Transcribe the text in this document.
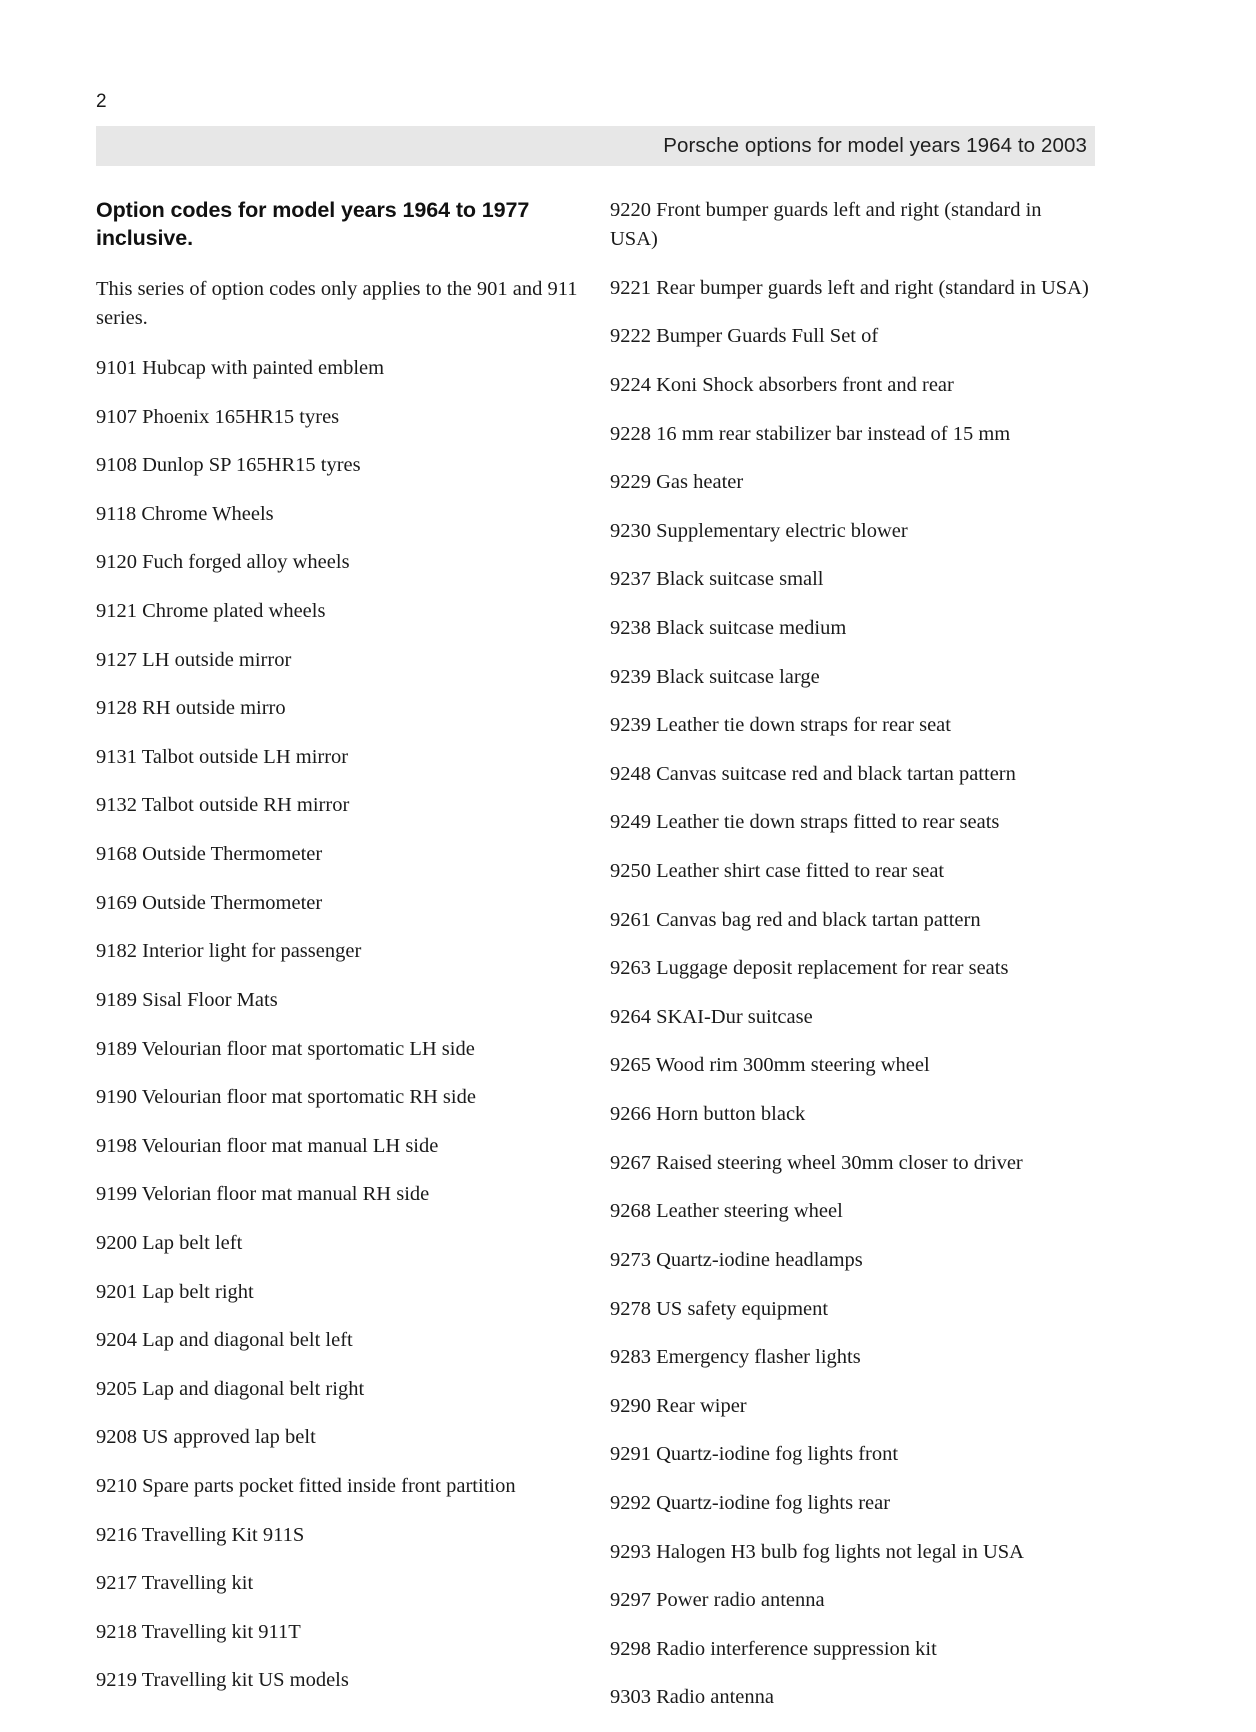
2
Porsche options for model years 1964 to 2003
Option codes for model years 1964 to 1977 inclusive.

This series of option codes only applies to the 901 and 911 series.

9101 Hubcap with painted emblem

9107 Phoenix 165HR15 tyres

9108 Dunlop SP 165HR15 tyres

9118 Chrome Wheels

9120 Fuch forged alloy wheels

9121 Chrome plated wheels

9127 LH outside mirror

9128 RH outside mirro

9131 Talbot outside LH mirror

9132 Talbot outside RH mirror

9168 Outside Thermometer

9169 Outside Thermometer

9182 Interior light for passenger

9189 Sisal Floor Mats

9189 Velourian floor mat sportomatic LH side

9190 Velourian floor mat sportomatic RH side

9198 Velourian floor mat manual LH side

9199 Velorian floor mat manual RH side

9200 Lap belt left

9201 Lap belt right

9204 Lap and diagonal belt left

9205 Lap and diagonal belt right

9208 US approved lap belt

9210 Spare parts pocket fitted inside front partition

9216 Travelling Kit 911S

9217 Travelling kit

9218 Travelling kit 911T

9219 Travelling kit US models

9220 Front bumper guards left and right (standard in USA)

9221 Rear bumper guards left and right (standard in USA)

9222 Bumper Guards Full Set of

9224 Koni Shock absorbers front and rear

9228 16 mm rear stabilizer bar instead of 15 mm

9229 Gas heater

9230 Supplementary electric blower

9237 Black suitcase small

9238 Black suitcase medium

9239 Black suitcase large

9239 Leather tie down straps for rear seat

9248 Canvas suitcase red and black tartan pattern

9249 Leather tie down straps fitted to rear seats

9250 Leather shirt case fitted to rear seat

9261 Canvas bag red and black tartan pattern

9263 Luggage deposit replacement for rear seats

9264 SKAI-Dur suitcase

9265 Wood rim 300mm steering wheel

9266 Horn button black

9267 Raised steering wheel 30mm closer to driver

9268 Leather steering wheel

9273 Quartz-iodine headlamps

9278 US safety equipment

9283 Emergency flasher lights

9290 Rear wiper

9291 Quartz-iodine fog lights front

9292 Quartz-iodine fog lights rear

9293 Halogen H3 bulb fog lights not legal in USA

9297 Power radio antenna

9298 Radio interference suppression kit

9303 Radio antenna
